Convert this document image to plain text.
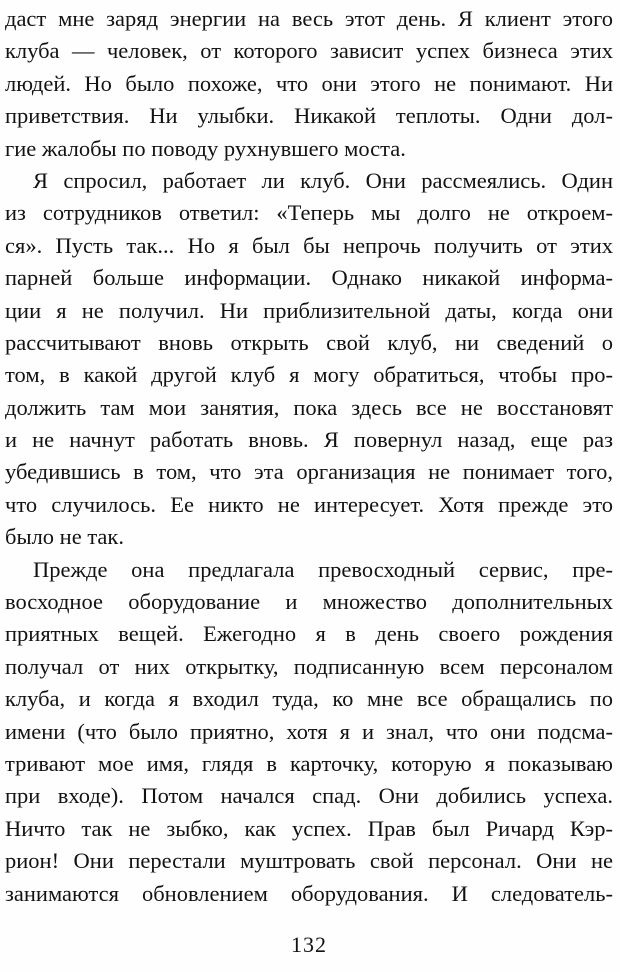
даст мне заряд энергии на весь этот день. Я клиент этого
клуба — человек, от которого зависит успех бизнеса этих
людей. Но было похоже, что они этого не понимают. Ни
приветствия. Ни улыбки. Никакой теплоты. Одни дол-
гие жалобы по поводу рухнувшего моста.
Я спросил, работает ли клуб. Они рассмеялись. Один
из сотрудников ответил: «Теперь мы долго не откроем-
ся». Пусть так... Но я был бы непрочь получить от этих
парней больше информации. Однако никакой информа-
ции я не получил. Ни приблизительной даты, когда они
рассчитывают вновь открыть свой клуб, ни сведений о
том, в какой другой клуб я могу обратиться, чтобы про-
должить там мои занятия, пока здесь все не восстановят
и не начнут работать вновь. Я повернул назад, еще раз
убедившись в том, что эта организация не понимает того,
что случилось. Ее никто не интересует. Хотя прежде это
было не так.
Прежде она предлагала превосходный сервис, пре-
восходное оборудование и множество дополнительных
приятных вещей. Ежегодно я в день своего рождения
получал от них открытку, подписанную всем персоналом
клуба, и когда я входил туда, ко мне все обращались по
имени (что было приятно, хотя я и знал, что они подсма-
тривают мое имя, глядя в карточку, которую я показываю
при входе). Потом начался спад. Они добились успеха.
Ничто так не зыбко, как успех. Прав был Ричард Кэр-
рион! Они перестали муштровать свой персонал. Они не
занимаются обновлением оборудования. И следователь-
132
